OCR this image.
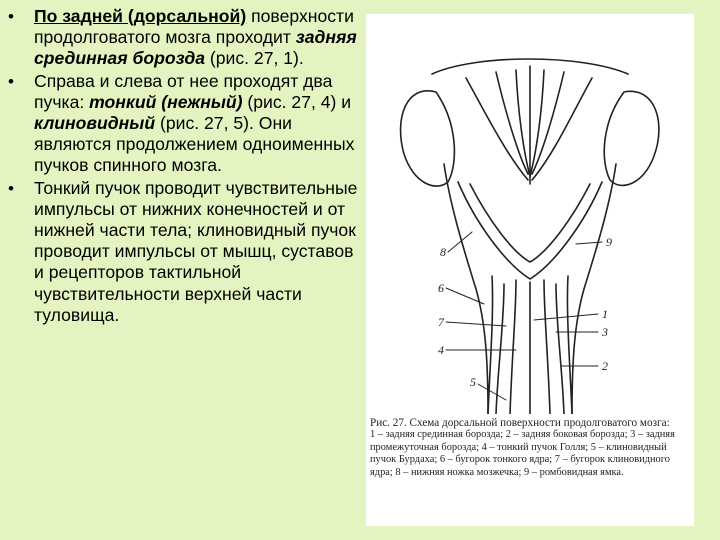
•	По задней (дорсальной) поверхности продолговатого мозга проходит задняя срединная борозда (рис. 27, 1).
•	Справа и слева от нее проходят два пучка: тонкий (нежный) (рис. 27, 4) и клиновидный (рис. 27, 5). Они являются продолжением одноименных пучков спинного мозга.
•	Тонкий пучок проводит чувствительные импульсы от нижних конечностей и от нижней части тела; клиновидный пучок проводит импульсы от мышц, суставов и рецепторов тактильной чувствительности верхней части туловища.
8
9
6
1
7
3
4
2
5
Рис. 27. Схема дорсальной поверхности продолговатого мозга:
1 – задняя срединная борозда; 2 – задняя боковая борозда; 3 – задняя промежуточная борозда; 4 – тонкий пучок Голля; 5 – клиновидный пучок Бурдаха; 6 – бугорок тонкого ядра; 7 – бугорок клиновидного ядра; 8 – нижняя ножка мозжечка; 9 – ромбовидная ямка.
